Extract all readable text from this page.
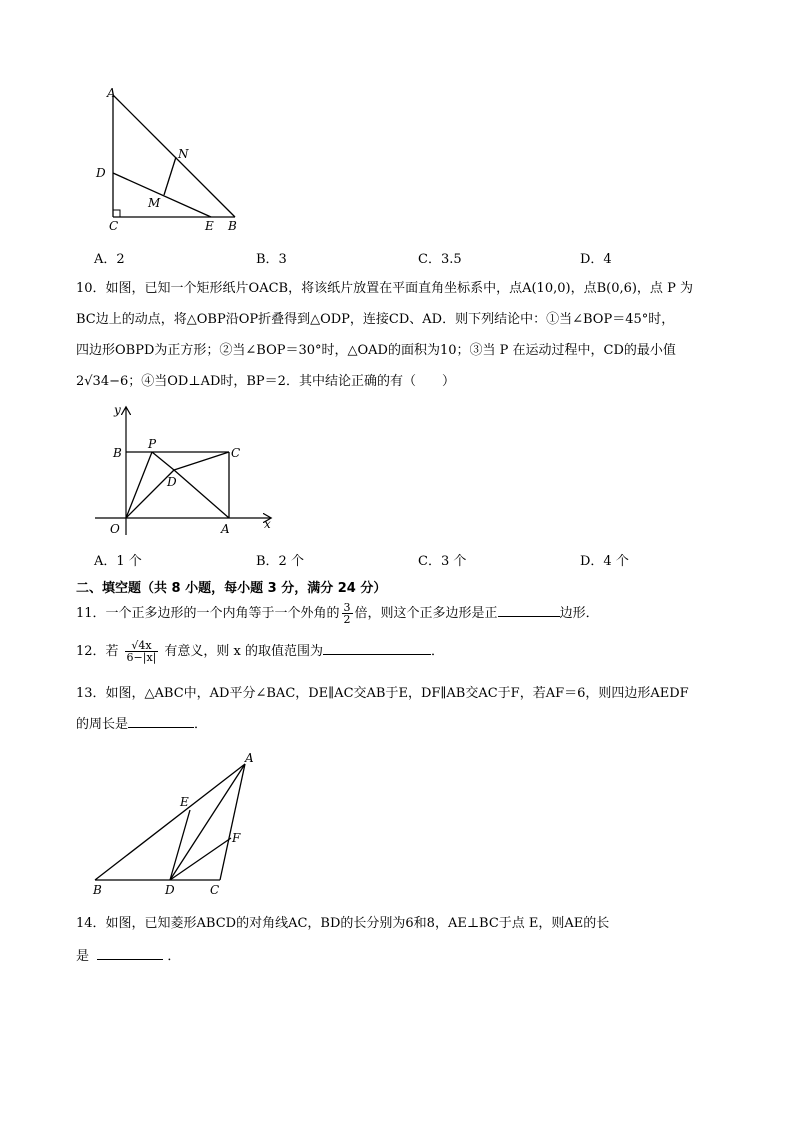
A
D
N
M
C	E B
A．2	B．3	C．3.5	D．4
10．如图，已知一个矩形纸片OACB，将该纸片放置在平面直角坐标系中，点A(10,0)，点B(0,6)，点 P 为
BC边上的动点，将△OBP沿OP折叠得到△ODP，连接CD、AD．则下列结论中：①当∠BOP＝45°时，
四边形OBPD为正方形；②当∠BOP＝30°时，△OAD的面积为10；③当 P 在运动过程中，CD的最小值
2√34−6；④当OD⊥AD时，BP＝2．其中结论正确的有（　　）
y
x
B
P
C
D
O	A
A．1 个	B．2 个	C．3 个	D．4 个
二、填空题（共 8 小题，每小题 3 分，满分 24 分）
11．一个正多边形的一个内角等于一个外角的 $\frac{3}{2}$ 倍，则这个正多边形是正	边形．
12．若 $\frac{√4x}{6-|x|}$ 有意义，则 x 的取值范围为	．
13．如图，△ABC中，AD平分∠BAC，DE∥AC交AB于E，DF∥AB交AC于F，若AF＝6，则四边形AEDF
的周长是	．
A
E
F
B	D	C
14．如图，已知菱形ABCD的对角线AC，BD的长分别为6和8，AE⊥BC于点 E，则AE的长
是	．
